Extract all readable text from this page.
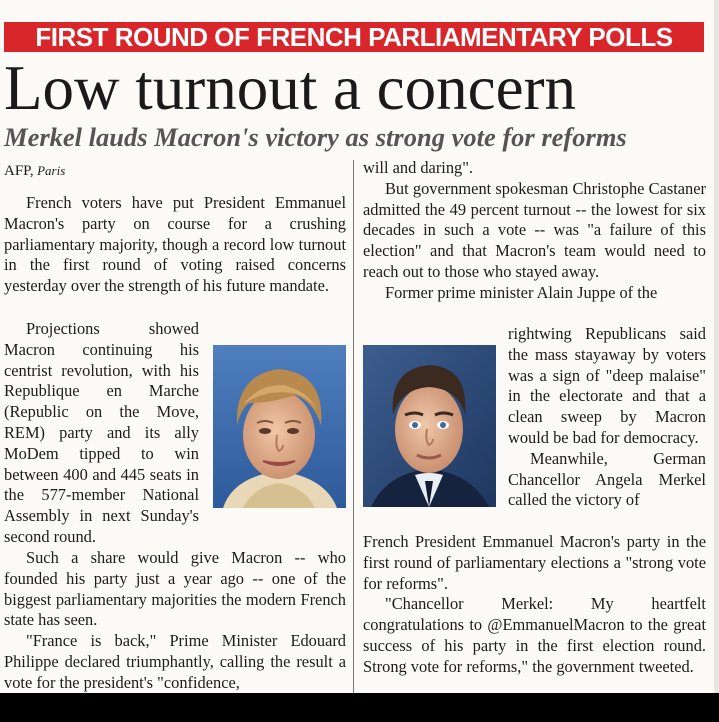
FIRST ROUND OF FRENCH PARLIAMENTARY POLLS
Low turnout a concern
Merkel lauds Macron's victory as strong vote for reforms
AFP, Paris

French voters have put President Emmanuel Macron's party on course for a crushing parliamentary majority, though a record low turnout in the first round of voting raised concerns yesterday over the strength of his future mandate.

Projections showed Macron continuing his centrist revolution, with his Republique en Marche (Republic on the Move, REM) party and its ally MoDem tipped to win between 400 and 445 seats in the 577-member National Assembly in next Sunday's second round.

Such a share would give Macron -- who founded his party just a year ago -- one of the biggest parliamentary majorities the modern French state has seen.

"France is back," Prime Minister Edouard Philippe declared triumphantly, calling the result a vote for the president's "confidence,

will and daring".

But government spokesman Christophe Castaner admitted the 49 percent turnout -- the lowest for six decades in such a vote -- was "a failure of this election" and that Macron's team would need to reach out to those who stayed away.

Former prime minister Alain Juppe of the

rightwing Republicans said the mass stayaway by voters was a sign of "deep malaise" in the electorate and that a clean sweep by Macron would be bad for democracy.

Meanwhile, German Chancellor Angela Merkel called the victory of

French President Emmanuel Macron's party in the first round of parliamentary elections a "strong vote for reforms".

"Chancellor Merkel: My heartfelt congratulations to @EmmanuelMacron to the great success of his party in the first election round. Strong vote for reforms," the government tweeted.
